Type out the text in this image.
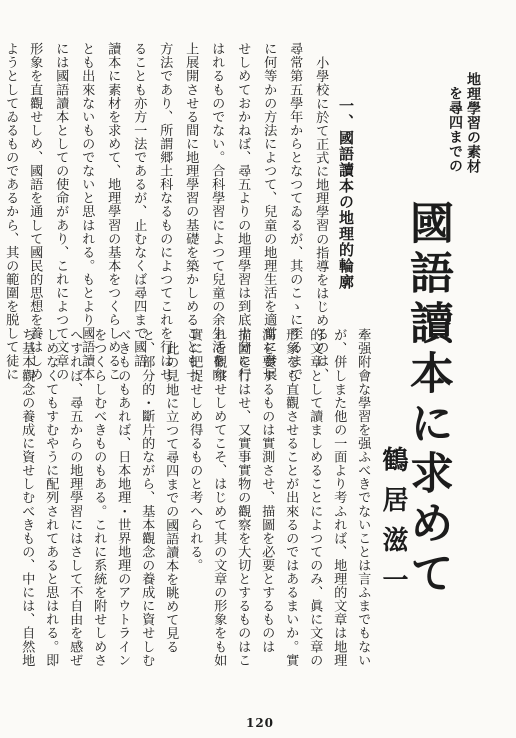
地理學習の素材
を尋四までの
國語讀本に求めて
鶴居滋一
一、國語讀本の地理的輪廓
小學校に於て正式に地理學習の指導をはじめるのは、
尋常第五學年からとなつてゐるが、其のこゝに至るまで
に何等かの方法によつて、兒童の地理生活を適當に發展
せしめておかねば、尋五よりの地理學習は到底十分に行
はれるものでない。合科學習によつて兒童の余生活を向
上展開させる間に地理學習の基礎を築かしめることも一
方法であり、所謂郷土科なるものによつてこれを行はせ
ることも亦方一法であるが、止むなくば尋四まで國語
讀本に素材を求めて、地理學習の基本をつくらしめるこ
とも出來ないものでないと思はれる。もとより國語讀本
には國語讀本としての使命があり、これによつて文章の
形象を直觀せしめ、國語を通して國民的思想を養はしめ
ようとしてゐるものであるから、其の範圍を脱して徒に
牽强附會な學習を强ふべきでないことは言ふまでもない
が、併しまた他の一面より考ふれば、地理的文章は地理
的文章として讀ましめることによつてのみ、眞に文章の
形象をも直觀させることが出來るのではあるまいか。實
測を要するものは實測させ、描圖を必要とするものは
描圖を行はせ、又實事實物の觀察を大切とするものはこ
れを觀察せしめてこそ、はじめて其の文章の形象をも如
實に把捉せしめ得るものと考へられる。
此の見地に立つて尋四までの國語讀本を眺めて見る
と、部分的・斷片的ながら、基本觀念の養成に資せしむ
べきものもあれば、日本地理・世界地理のアウトライン
をつくらしむべきものもある。これに系統を附せしめさ
へすれば、尋五からの地理學習にはさして不自由を感ぜ
しめなくてもすむやうに配列されてあると思はれる。即
ち基本觀念の養成に資せしむべきもの、中には、自然地
120
